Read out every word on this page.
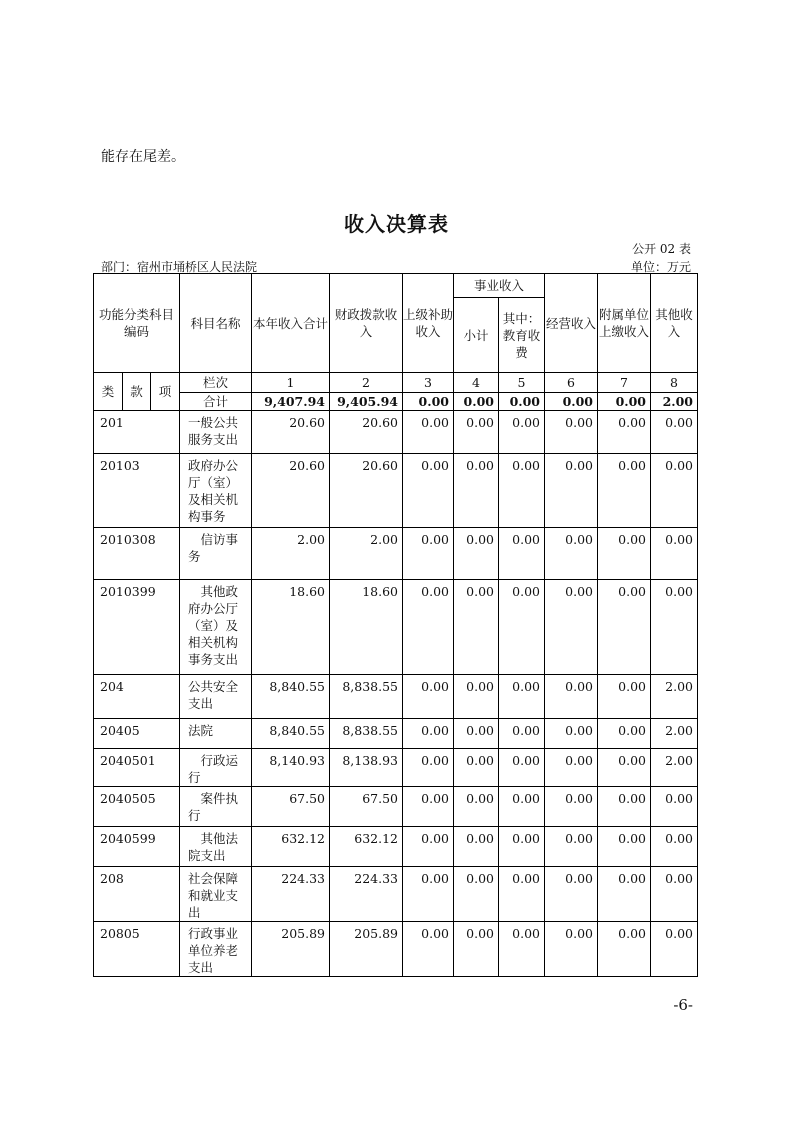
能存在尾差。
收入决算表
公开 02 表
部门：宿州市埇桥区人民法院	单位：万元
功能分类科目编码			科目名称	本年收入合计	财政拨款收入	上级补助收入	事业收入		经营收入	附属单位上缴收入	其他收入
							小计	其中：教育收费			
类	款	项	栏次	1	2	3	4	5	6	7	8
			合计	9,407.94	9,405.94	0.00	0.00	0.00	0.00	0.00	2.00
201			一般公共服务支出	20.60	20.60	0.00	0.00	0.00	0.00	0.00	0.00
20103			政府办公厅（室）及相关机构事务	20.60	20.60	0.00	0.00	0.00	0.00	0.00	0.00
2010308			信访事务	2.00	2.00	0.00	0.00	0.00	0.00	0.00	0.00
2010399			其他政府办公厅（室）及相关机构事务支出	18.60	18.60	0.00	0.00	0.00	0.00	0.00	0.00
204			公共安全支出	8,840.55	8,838.55	0.00	0.00	0.00	0.00	0.00	2.00
20405			法院	8,840.55	8,838.55	0.00	0.00	0.00	0.00	0.00	2.00
2040501			行政运行	8,140.93	8,138.93	0.00	0.00	0.00	0.00	0.00	2.00
2040505			案件执行	67.50	67.50	0.00	0.00	0.00	0.00	0.00	0.00
2040599			其他法院支出	632.12	632.12	0.00	0.00	0.00	0.00	0.00	0.00
208			社会保障和就业支出	224.33	224.33	0.00	0.00	0.00	0.00	0.00	0.00
20805			行政事业单位养老支出	205.89	205.89	0.00	0.00	0.00	0.00	0.00	0.00
-6-
